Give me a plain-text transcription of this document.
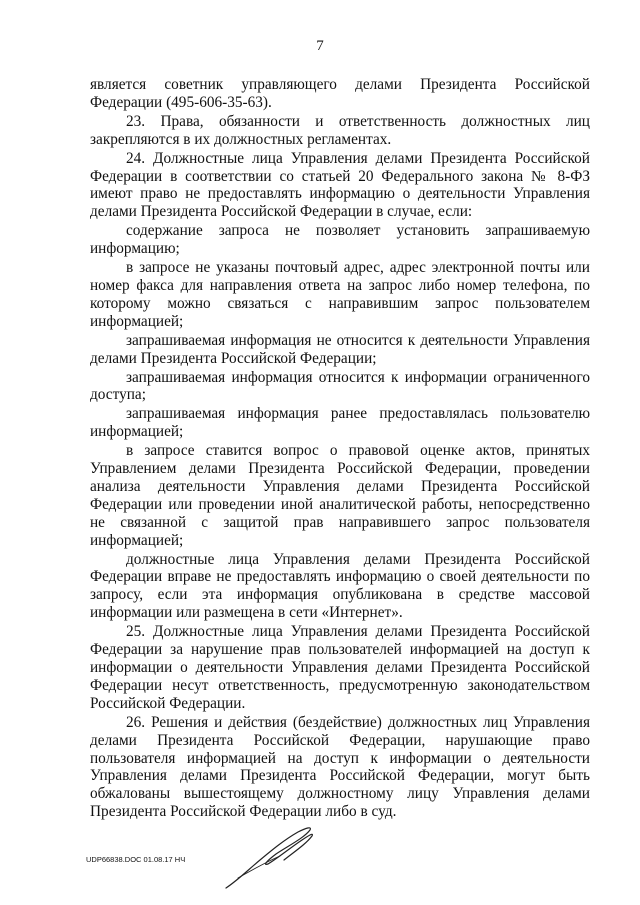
7

является советник управляющего делами Президента Российской Федерации (495-606-35-63).

23. Права, обязанности и ответственность должностных лиц закрепляются в их должностных регламентах.

24. Должностные лица Управления делами Президента Российской Федерации в соответствии со статьей 20 Федерального закона № 8-ФЗ имеют право не предоставлять информацию о деятельности Управления делами Президента Российской Федерации в случае, если:

содержание запроса не позволяет установить запрашиваемую информацию;

в запросе не указаны почтовый адрес, адрес электронной почты или номер факса для направления ответа на запрос либо номер телефона, по которому можно связаться с направившим запрос пользователем информацией;

запрашиваемая информация не относится к деятельности Управления делами Президента Российской Федерации;

запрашиваемая информация относится к информации ограниченного доступа;

запрашиваемая информация ранее предоставлялась пользователю информацией;

в запросе ставится вопрос о правовой оценке актов, принятых Управлением делами Президента Российской Федерации, проведении анализа деятельности Управления делами Президента Российской Федерации или проведении иной аналитической работы, непосредственно не связанной с защитой прав направившего запрос пользователя информацией;

должностные лица Управления делами Президента Российской Федерации вправе не предоставлять информацию о своей деятельности по запросу, если эта информация опубликована в средстве массовой информации или размещена в сети «Интернет».

25. Должностные лица Управления делами Президента Российской Федерации за нарушение прав пользователей информацией на доступ к информации о деятельности Управления делами Президента Российской Федерации несут ответственность, предусмотренную законодательством Российской Федерации.

26. Решения и действия (бездействие) должностных лиц Управления делами Президента Российской Федерации, нарушающие право пользователя информацией на доступ к информации о деятельности Управления делами Президента Российской Федерации, могут быть обжалованы вышестоящему должностному лицу Управления делами Президента Российской Федерации либо в суд.

UDP66838.DOC 01.08.17 НЧ
